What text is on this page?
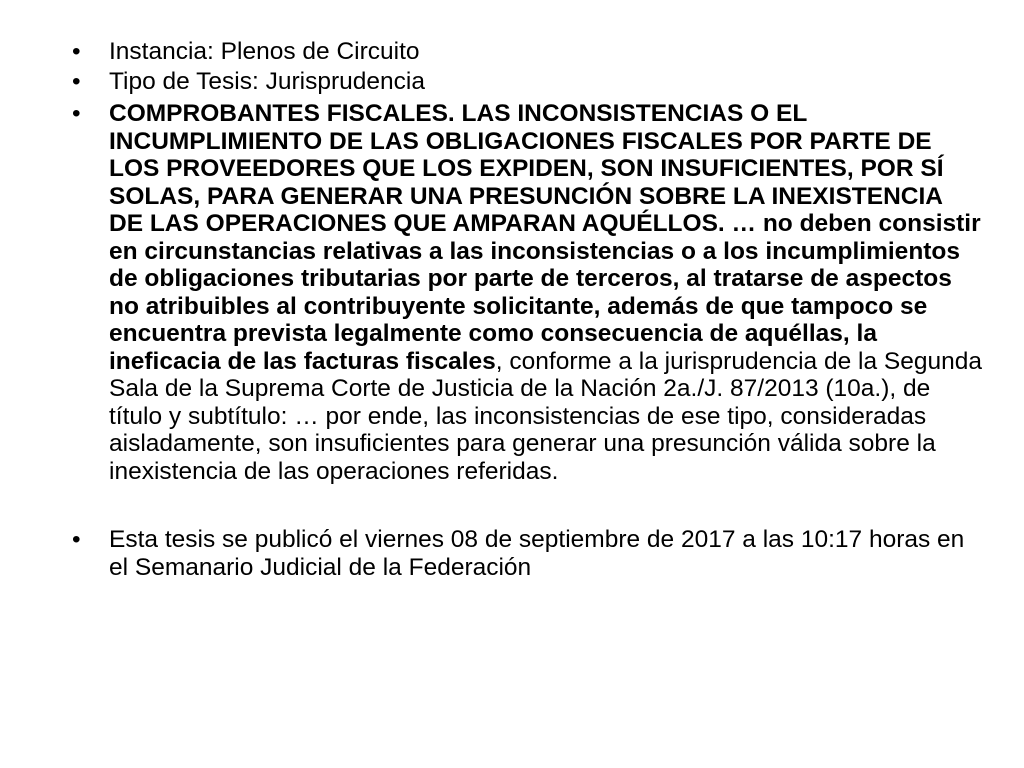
• Instancia: Plenos de Circuito
• Tipo de Tesis: Jurisprudencia
• COMPROBANTES FISCALES. LAS INCONSISTENCIAS O EL INCUMPLIMIENTO DE LAS OBLIGACIONES FISCALES POR PARTE DE LOS PROVEEDORES QUE LOS EXPIDEN, SON INSUFICIENTES, POR SÍ SOLAS, PARA GENERAR UNA PRESUNCIÓN SOBRE LA INEXISTENCIA DE LAS OPERACIONES QUE AMPARAN AQUÉLLOS. … no deben consistir en circunstancias relativas a las inconsistencias o a los incumplimientos de obligaciones tributarias por parte de terceros, al tratarse de aspectos no atribuibles al contribuyente solicitante, además de que tampoco se encuentra prevista legalmente como consecuencia de aquéllas, la ineficacia de las facturas fiscales, conforme a la jurisprudencia de la Segunda Sala de la Suprema Corte de Justicia de la Nación 2a./J. 87/2013 (10a.), de título y subtítulo: … por ende, las inconsistencias de ese tipo, consideradas aisladamente, son insuficientes para generar una presunción válida sobre la inexistencia de las operaciones referidas.
• Esta tesis se publicó el viernes 08 de septiembre de 2017 a las 10:17 horas en el Semanario Judicial de la Federación
